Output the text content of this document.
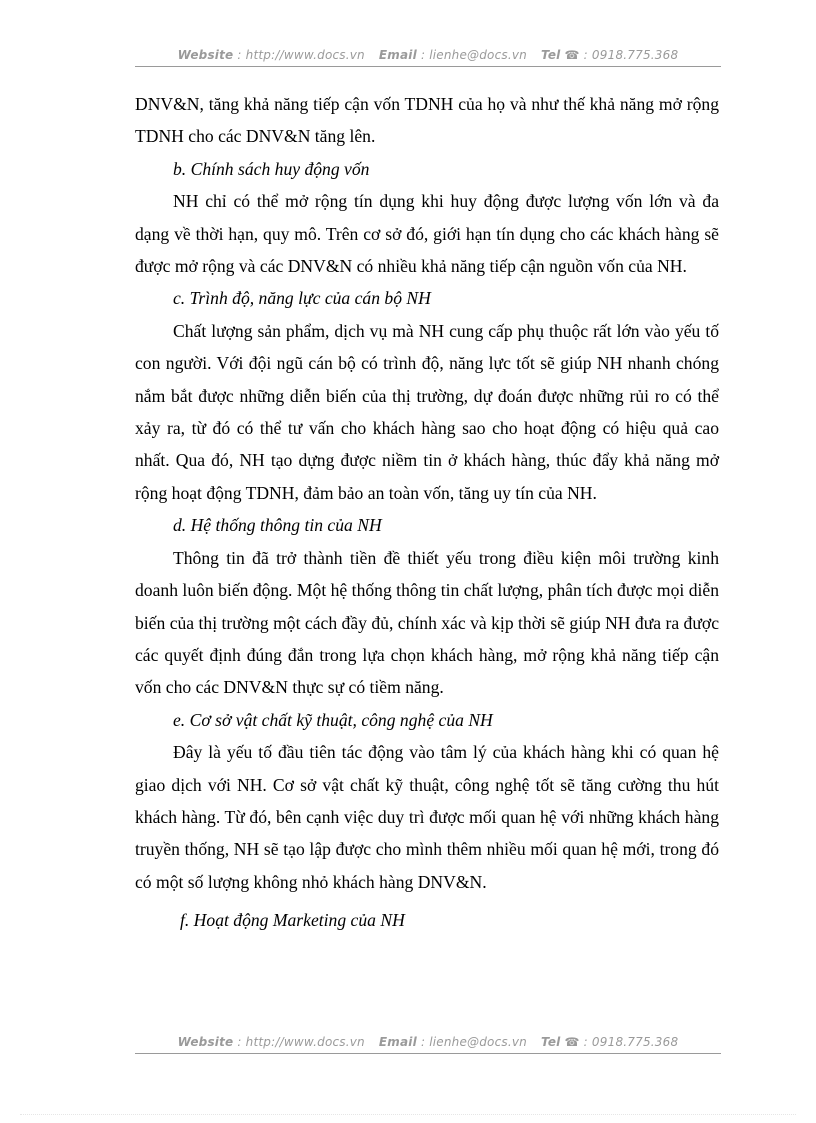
Website : http://www.docs.vn Email : lienhe@docs.vn Tel ☎ : 0918.775.368

DNV&N, tăng khả năng tiếp cận vốn TDNH của họ và như thế khả năng mở rộng TDNH cho các DNV&N tăng lên.

b. Chính sách huy động vốn

NH chỉ có thể mở rộng tín dụng khi huy động được lượng vốn lớn và đa dạng về thời hạn, quy mô. Trên cơ sở đó, giới hạn tín dụng cho các khách hàng sẽ được mở rộng và các DNV&N có nhiều khả năng tiếp cận nguồn vốn của NH.

c. Trình độ, năng lực của cán bộ NH

Chất lượng sản phẩm, dịch vụ mà NH cung cấp phụ thuộc rất lớn vào yếu tố con người. Với đội ngũ cán bộ có trình độ, năng lực tốt sẽ giúp NH nhanh chóng nắm bắt được những diễn biến của thị trường, dự đoán được những rủi ro có thể xảy ra, từ đó có thể tư vấn cho khách hàng sao cho hoạt động có hiệu quả cao nhất. Qua đó, NH tạo dựng được niềm tin ở khách hàng, thúc đẩy khả năng mở rộng hoạt động TDNH, đảm bảo an toàn vốn, tăng uy tín của NH.

d. Hệ thống thông tin của NH

Thông tin đã trở thành tiền đề thiết yếu trong điều kiện môi trường kinh doanh luôn biến động. Một hệ thống thông tin chất lượng, phân tích được mọi diễn biến của thị trường một cách đầy đủ, chính xác và kịp thời sẽ giúp NH đưa ra được các quyết định đúng đắn trong lựa chọn khách hàng, mở rộng khả năng tiếp cận vốn cho các DNV&N thực sự có tiềm năng.

e. Cơ sở vật chất kỹ thuật, công nghệ của NH

Đây là yếu tố đầu tiên tác động vào tâm lý của khách hàng khi có quan hệ giao dịch với NH. Cơ sở vật chất kỹ thuật, công nghệ tốt sẽ tăng cường thu hút khách hàng. Từ đó, bên cạnh việc duy trì được mối quan hệ với những khách hàng truyền thống, NH sẽ tạo lập được cho mình thêm nhiều mối quan hệ mới, trong đó có một số lượng không nhỏ khách hàng DNV&N.

f. Hoạt động Marketing của NH

Website : http://www.docs.vn Email : lienhe@docs.vn Tel ☎ : 0918.775.368
